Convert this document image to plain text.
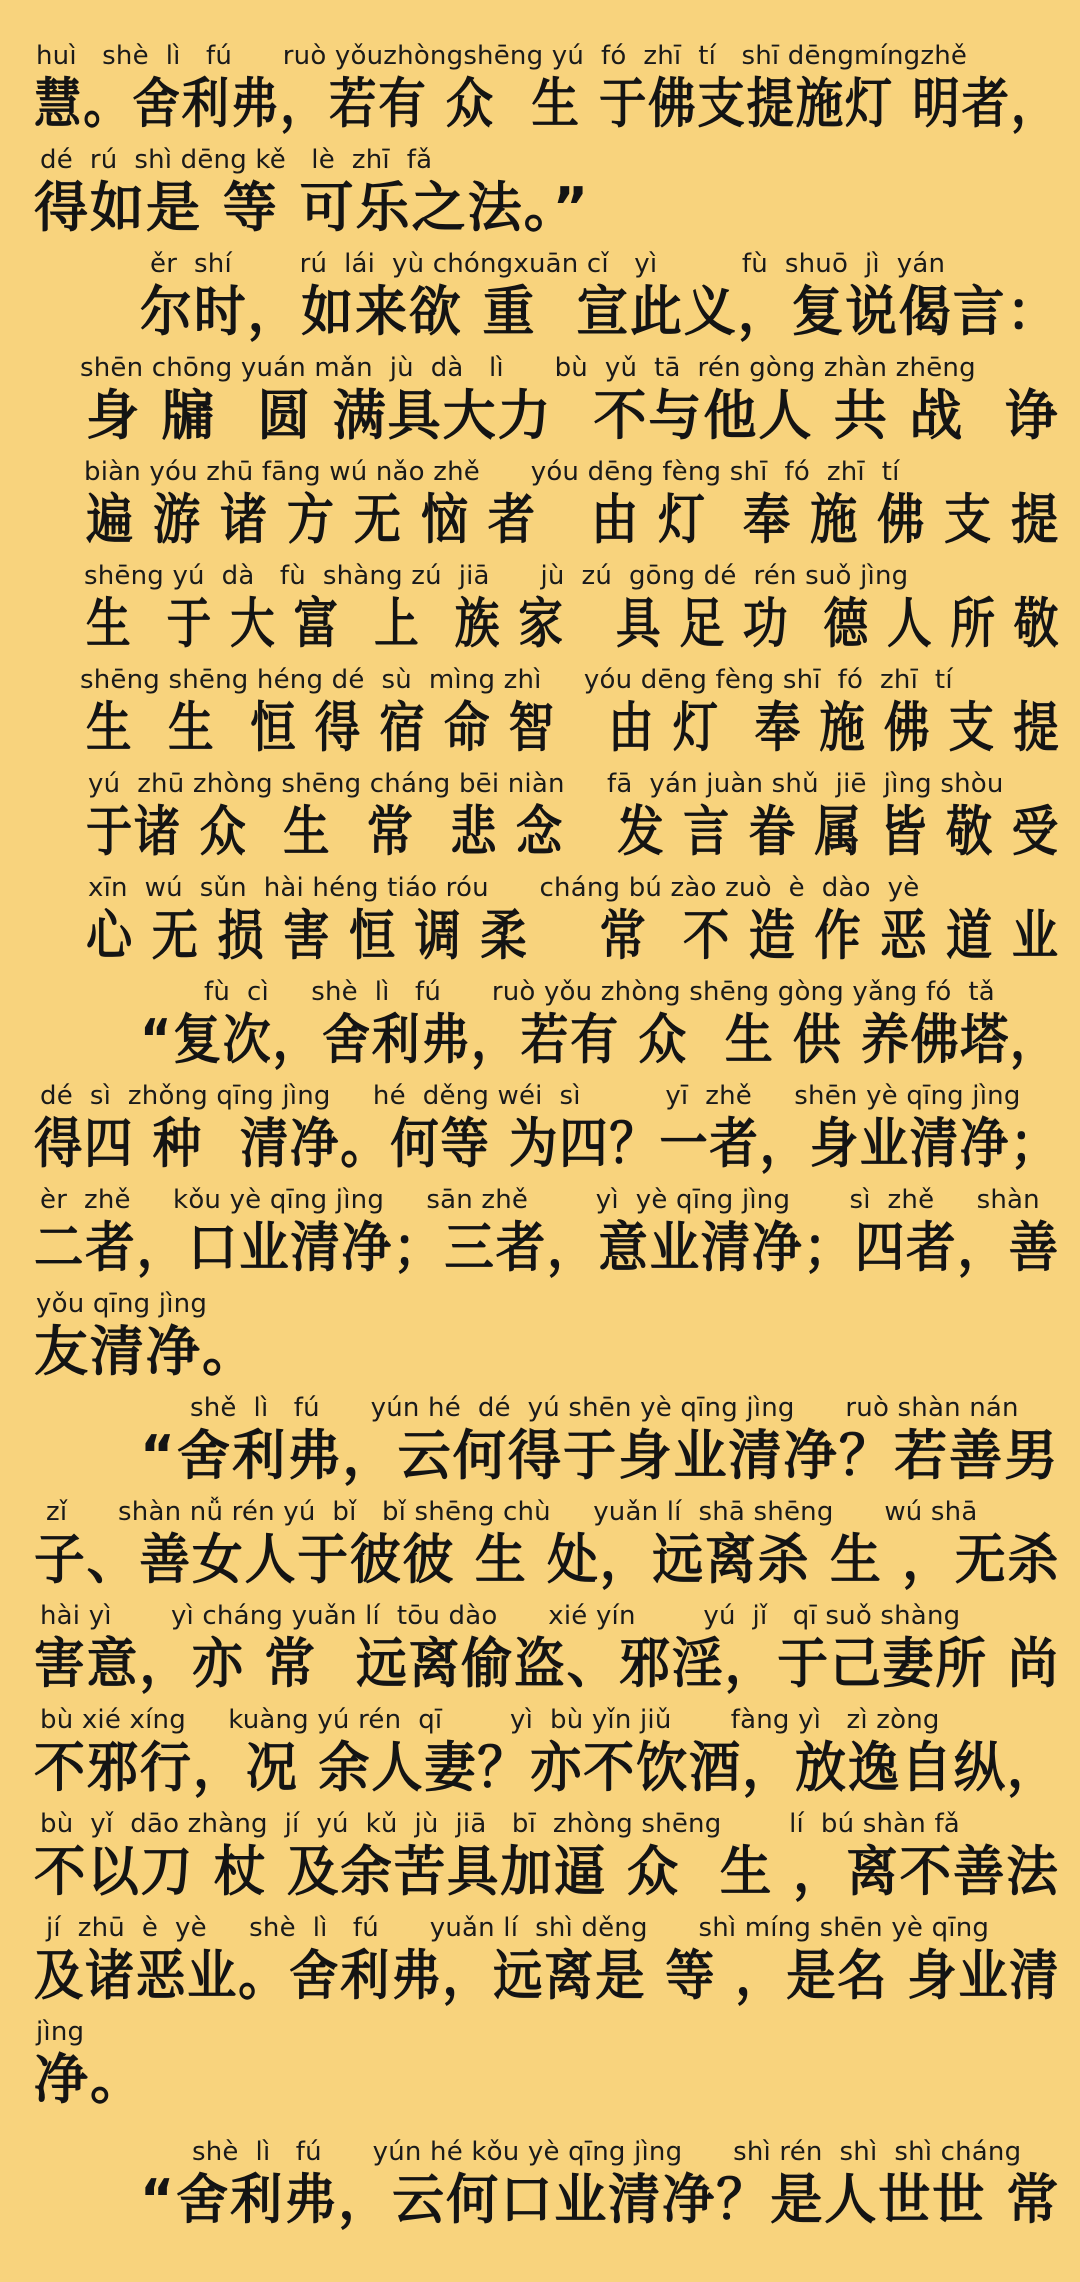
huì   shè  lì   fú      ruò yǒuzhòngshēng yú  fó  zhī  tí   shī dēngmíngzhě
慧。舍利弗，若有 众  生 于佛支提施灯 明者，
dé  rú  shì dēng kě   lè  zhī  fǎ
得如是 等 可乐之法。”
ěr  shí        rú  lái  yù chóngxuān cǐ   yì          fù  shuō  jì  yán
尔时，如来欲 重  宣此义，复说偈言：
shēn chōng yuán mǎn  jù  dà   lì      bù  yǔ  tā  rén gòng zhàn zhēng
身 牖  圆 满具大力  不与他人 共 战  诤
biàn yóu zhū fāng wú nǎo zhě      yóu dēng fèng shī  fó  zhī  tí
遍 游 诸 方 无 恼 者   由 灯  奉 施 佛 支 提
shēng yú  dà   fù  shàng zú  jiā      jù  zú  gōng dé  rén suǒ jìng
生  于 大 富  上  族 家   具 足 功  德 人 所 敬
shēng shēng héng dé  sù  mìng zhì     yóu dēng fèng shī  fó  zhī  tí
生  生  恒 得 宿 命 智   由 灯  奉 施 佛 支 提
yú  zhū zhòng shēng cháng bēi niàn     fā  yán juàn shǔ  jiē  jìng shòu
于诸 众  生  常  悲 念   发 言 眷 属 皆 敬 受
xīn  wú  sǔn  hài héng tiáo róu      cháng bú zào zuò  è  dào  yè
心 无 损 害 恒 调 柔    常  不 造 作 恶 道 业
fù  cì     shè  lì   fú      ruò yǒu zhòng shēng gòng yǎng fó  tǎ
“复次，舍利弗，若有 众  生 供 养佛塔，
dé  sì  zhǒng qīng jìng     hé  děng wéi  sì          yī  zhě     shēn yè qīng jìng
得四 种  清净。何等 为四？一者，身业清净；
èr  zhě     kǒu yè qīng jìng     sān zhě        yì  yè qīng jìng       sì  zhě     shàn
二者，口业清净；三者，意业清净；四者，善
yǒu qīng jìng
友清净。
shě  lì   fú      yún hé  dé  yú shēn yè qīng jìng      ruò shàn nán
“舍利弗，云何得于身业清净？若善男
zǐ      shàn nǚ rén yú  bǐ   bǐ shēng chù     yuǎn lí  shā shēng      wú shā
子、善女人于彼彼 生 处，远离杀 生 ，无杀
hài yì       yì cháng yuǎn lí  tōu dào      xié yín        yú  jǐ   qī suǒ shàng
害意，亦 常  远离偷盗、邪淫，于己妻所 尚
bù xié xíng     kuàng yú rén  qī        yì  bù yǐn jiǔ       fàng yì   zì zòng
不邪行，况 余人妻？亦不饮酒，放逸自纵，
bù  yǐ  dāo zhàng  jí  yú  kǔ  jù  jiā   bī  zhòng shēng        lí  bú shàn fǎ
不以刀 杖 及余苦具加逼 众  生 ，离不善法
jí  zhū  è  yè     shè  lì   fú      yuǎn lí  shì děng      shì míng shēn yè qīng
及诸恶业。舍利弗，远离是 等 ，是名 身业清
jìng
净。
shè  lì   fú      yún hé kǒu yè qīng jìng      shì rén  shì  shì cháng
“舍利弗，云何口业清净？是人世世 常
